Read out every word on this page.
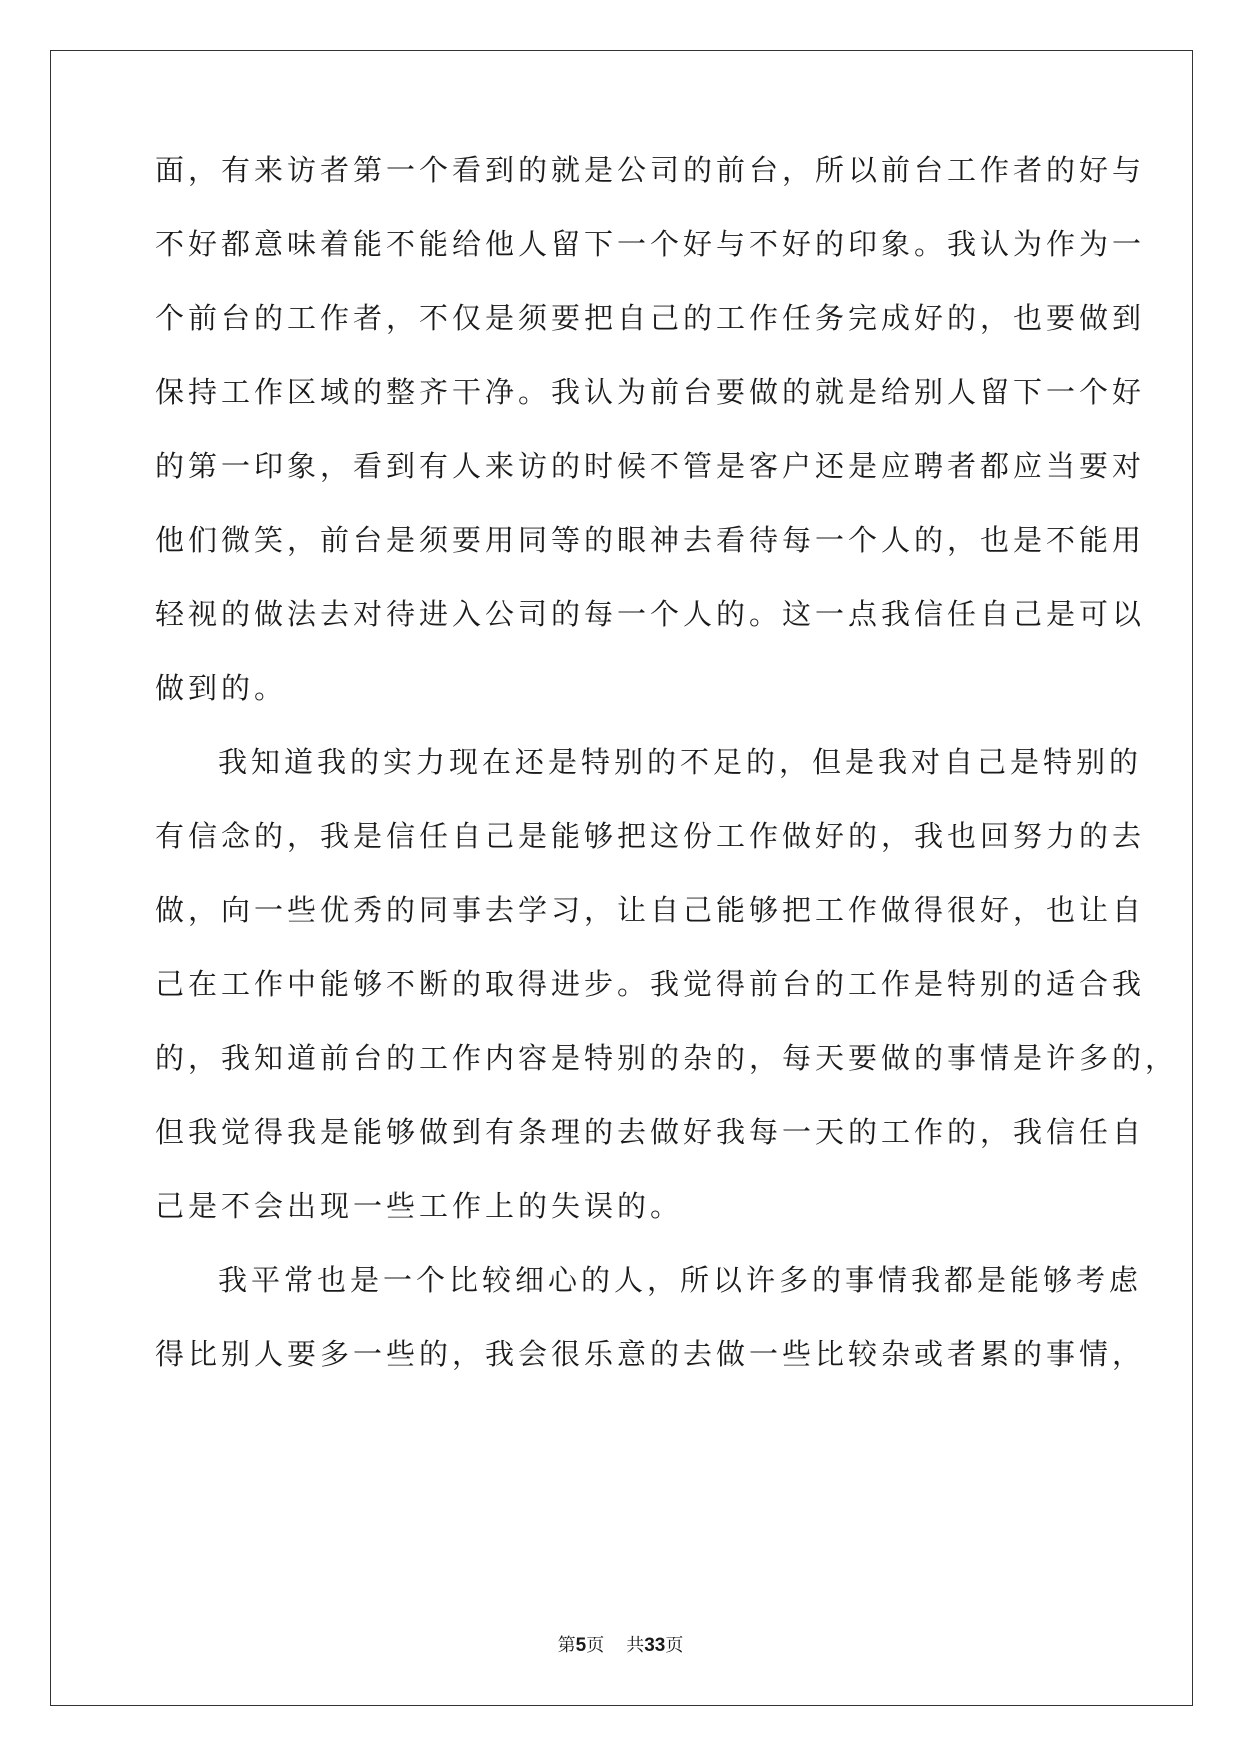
面，有来访者第一个看到的就是公司的前台，所以前台工作者的好与

不好都意味着能不能给他人留下一个好与不好的印象。我认为作为一

个前台的工作者，不仅是须要把自己的工作任务完成好的，也要做到

保持工作区域的整齐干净。我认为前台要做的就是给别人留下一个好

的第一印象，看到有人来访的时候不管是客户还是应聘者都应当要对

他们微笑，前台是须要用同等的眼神去看待每一个人的，也是不能用

轻视的做法去对待进入公司的每一个人的。这一点我信任自己是可以

做到的。

我知道我的实力现在还是特别的不足的，但是我对自己是特别的

有信念的，我是信任自己是能够把这份工作做好的，我也回努力的去

做，向一些优秀的同事去学习，让自己能够把工作做得很好，也让自

己在工作中能够不断的取得进步。我觉得前台的工作是特别的适合我

的，我知道前台的工作内容是特别的杂的，每天要做的事情是许多的，

但我觉得我是能够做到有条理的去做好我每一天的工作的，我信任自

己是不会出现一些工作上的失误的。

我平常也是一个比较细心的人，所以许多的事情我都是能够考虑

得比别人要多一些的，我会很乐意的去做一些比较杂或者累的事情，

第5页 共33页
